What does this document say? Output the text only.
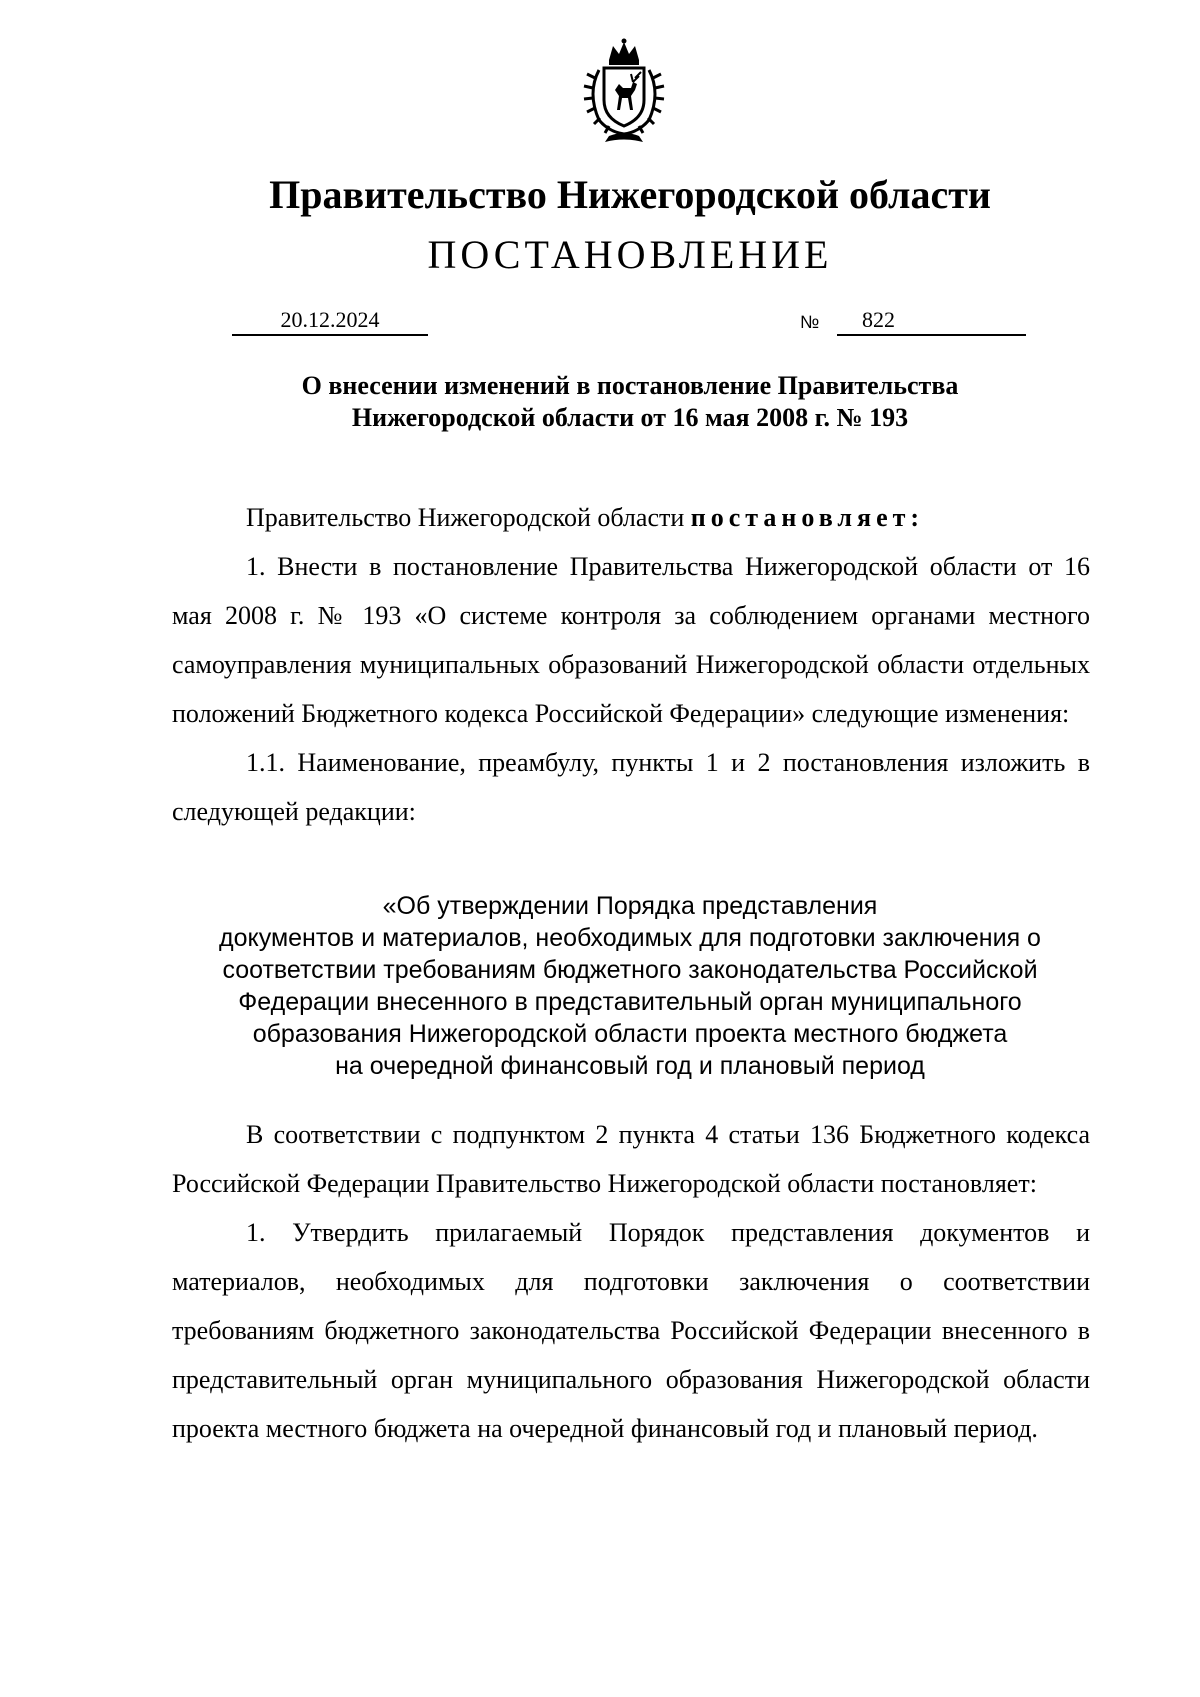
Правительство Нижегородской области
ПОСТАНОВЛЕНИЕ
20.12.2024	№	822
О внесении изменений в постановление Правительства
Нижегородской области от 16 мая 2008 г. № 193

Правительство Нижегородской области постановляет:

1. Внести в постановление Правительства Нижегородской области от 16 мая 2008 г. № 193 «О системе контроля за соблюдением органами местного самоуправления муниципальных образований Нижегородской области отдельных положений Бюджетного кодекса Российской Федерации» следующие изменения:

1.1. Наименование, преамбулу, пункты 1 и 2 постановления изложить в следующей редакции:

«Об утверждении Порядка представления
документов и материалов, необходимых для подготовки заключения о
соответствии требованиям бюджетного законодательства Российской
Федерации внесенного в представительный орган муниципального
образования Нижегородской области проекта местного бюджета
на очередной финансовый год и плановый период

В соответствии с подпунктом 2 пункта 4 статьи 136 Бюджетного кодекса Российской Федерации Правительство Нижегородской области постановляет:

1. Утвердить прилагаемый Порядок представления документов и материалов, необходимых для подготовки заключения о соответствии требованиям бюджетного законодательства Российской Федерации внесенного в представительный орган муниципального образования Нижегородской области проекта местного бюджета на очередной финансовый год и плановый период.
